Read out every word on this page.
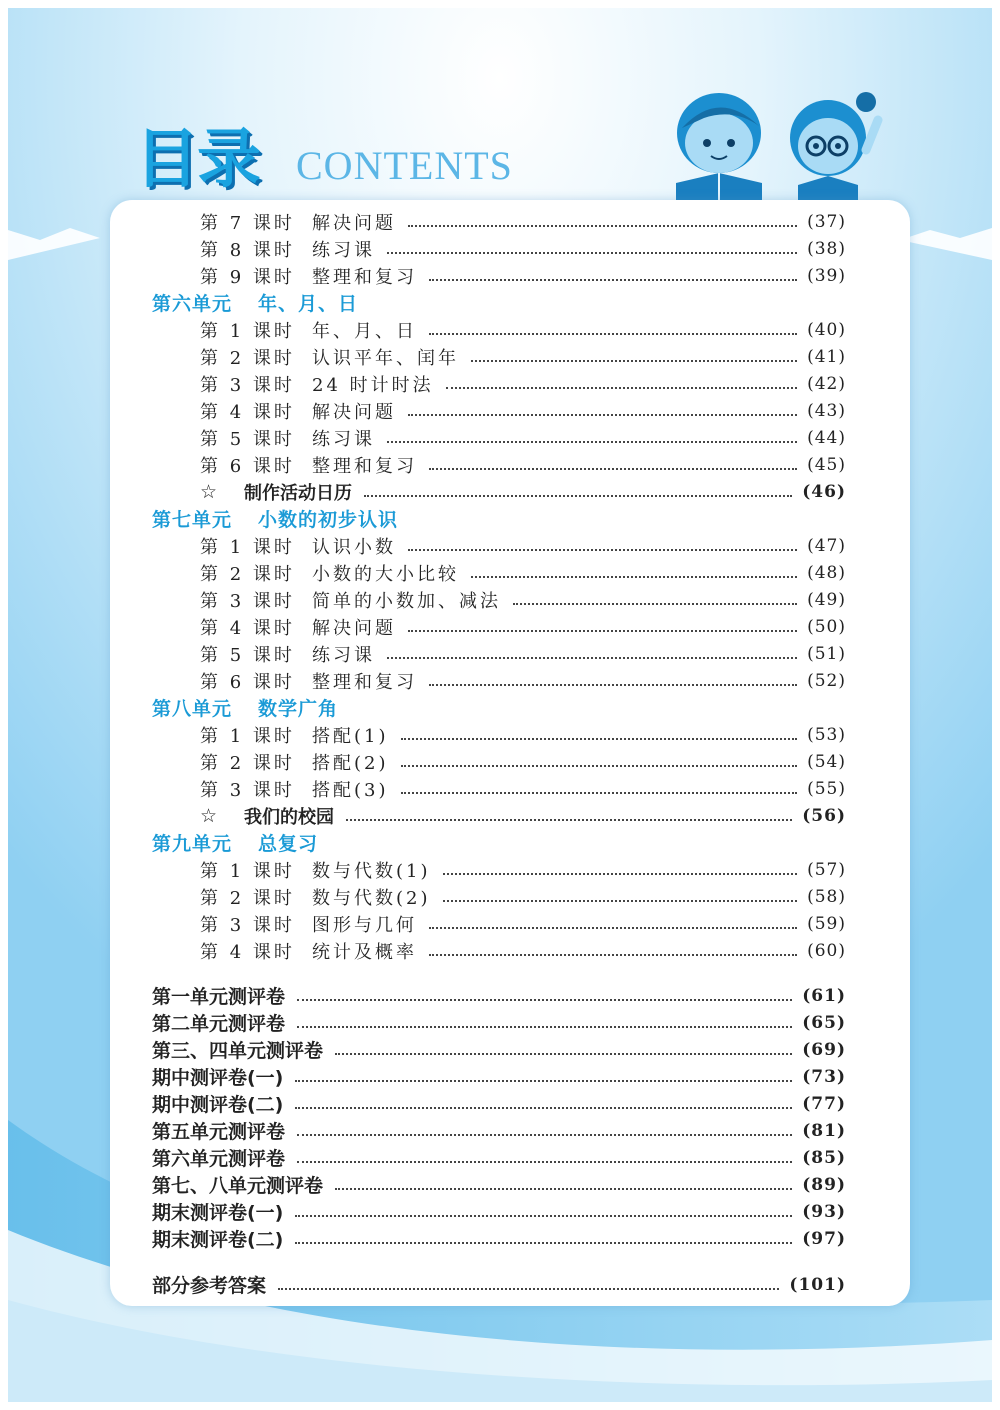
目录 CONTENTS
第 7 课时 解决问题	(37)
第 8 课时 练习课	(38)
第 9 课时 整理和复习	(39)
第六单元 年、月、日
第 1 课时 年、月、日	(40)
第 2 课时 认识平年、闰年	(41)
第 3 课时 24 时计时法	(42)
第 4 课时 解决问题	(43)
第 5 课时 练习课	(44)
第 6 课时 整理和复习	(45)
☆	制作活动日历	(46)
第七单元 小数的初步认识
第 1 课时 认识小数	(47)
第 2 课时 小数的大小比较	(48)
第 3 课时 简单的小数加、减法	(49)
第 4 课时 解决问题	(50)
第 5 课时 练习课	(51)
第 6 课时 整理和复习	(52)
第八单元 数学广角
第 1 课时 搭配(1)	(53)
第 2 课时 搭配(2)	(54)
第 3 课时 搭配(3)	(55)
☆	我们的校园	(56)
第九单元 总复习
第 1 课时 数与代数(1)	(57)
第 2 课时 数与代数(2)	(58)
第 3 课时 图形与几何	(59)
第 4 课时 统计及概率	(60)
第一单元测评卷	(61)
第二单元测评卷	(65)
第三、四单元测评卷	(69)
期中测评卷(一)	(73)
期中测评卷(二)	(77)
第五单元测评卷	(81)
第六单元测评卷	(85)
第七、八单元测评卷	(89)
期末测评卷(一)	(93)
期末测评卷(二)	(97)
部分参考答案	(101)
